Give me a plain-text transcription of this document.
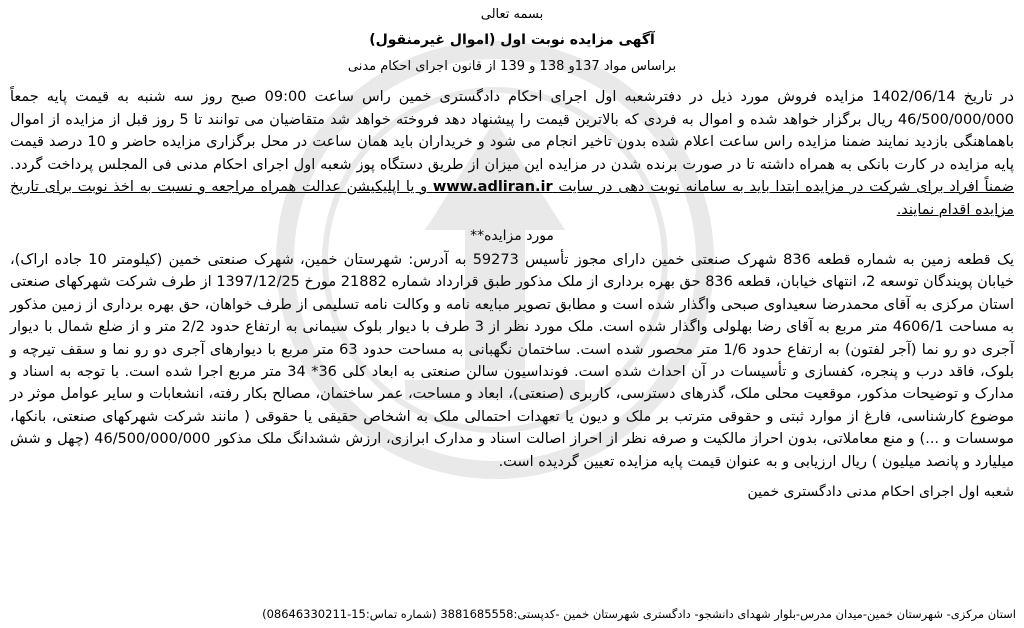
بسمه تعالی
آگهی مزایده نوبت اول (اموال غیرمنقول)
براساس مواد 137و 138 و 139 از قانون اجرای احکام مدنی
در تاریخ 1402/06/14 مزایده فروش مورد ذیل در دفترشعبه اول اجرای احکام دادگستری خمین راس ساعت 09:00 صبح روز سه شنبه به قیمت پایه جمعاً 46/500/000/000 ریال برگزار خواهد شده و اموال به فردی که بالاترین قیمت را پیشنهاد دهد فروخته خواهد شد متقاضیان می توانند تا 5 روز قبل از مزایده از اموال باهماهنگی بازدید نمایند ضمنا مزایده راس ساعت اعلام شده بدون تاخیر انجام می شود و خریداران باید همان ساعت در محل برگزاری مزایده حاضر و 10 درصد قیمت پایه مزایده در کارت بانکی به همراه داشته تا در صورت برنده شدن در مزایده این میزان از طریق دستگاه پوز شعبه اول اجرای احکام مدنی فی المجلس پرداخت گردد. ضمناً افراد برای شرکت در مزایده ابتدا باید به سامانه نوبت دهی در سایت www.adliran.ir و یا اپلیکیشن عدالت همراه مراجعه و نسبت به اخذ نوبت برای تاریخ مزایده اقدام نمایند.
مورد مزایده**
یک قطعه زمین به شماره قطعه 836 شهرک صنعتی خمین دارای مجوز تأسیس 59273 به آدرس: شهرستان خمین، شهرک صنعتی خمین (کیلومتر 10 جاده اراک)، خیابان پویندگان توسعه 2، انتهای خیابان، قطعه 836 حق بهره برداری از ملک مذکور طبق قرارداد شماره 21882 مورخ 1397/12/25 از طرف شرکت شهرکهای صنعتی استان مرکزی به آقای محمدرضا سعیداوی صبحی واگذار شده است و مطابق تصویر مبایعه نامه و وکالت نامه تسلیمی از طرف خواهان، حق بهره برداری از زمین مذکور به مساحت 4606/1 متر مربع به آقای رضا بهلولی واگذار شده است. ملک مورد نظر از 3 طرف با دیوار بلوک سیمانی به ارتفاع حدود 2/2 متر و از ضلع شمال با دیوار آجری دو رو نما (آجر لفتون) به ارتفاع حدود 1/6 متر محصور شده است. ساختمان نگهبانی به مساحت حدود 63 متر مربع با دیوارهای آجری دو رو نما و سقف تیرچه و بلوک، فاقد درب و پنجره، کفسازی و تأسیسات در آن احداث شده است. فونداسیون سالن صنعتی به ابعاد کلی 36* 34 متر مربع اجرا شده است. با توجه به اسناد و مدارک و توضیحات مذکور، موقعیت محلی ملک، گذرهای دسترسی، کاربری (صنعتی)، ابعاد و مساحت، عمر ساختمان، مصالح بکار رفته، انشعابات و سایر عوامل موثر در موضوع کارشناسی، فارغ از موارد ثبتی و حقوقی مترتب بر ملک و دیون یا تعهدات احتمالی ملک به اشخاص حقیقی یا حقوقی ( مانند شرکت شهرکهای صنعتی، بانکها، موسسات و ...) و منع معاملاتی، بدون احراز مالکیت و صرفه نظر از احراز اصالت اسناد و مدارک ابرازی، ارزش ششدانگ ملک مذکور 46/500/000/000 (چهل و شش میلیارد و پانصد میلیون ) ریال ارزیابی و به عنوان قیمت پایه مزایده تعیین گردیده است.
شعبه اول اجرای احکام مدنی دادگستری خمین
استان مرکزی- شهرستان خمین-میدان مدرس-بلوار شهدای دانشجو- دادگستری شهرستان خمین -کدپستی:3881685558 (شماره تماس:15-08646330211)
